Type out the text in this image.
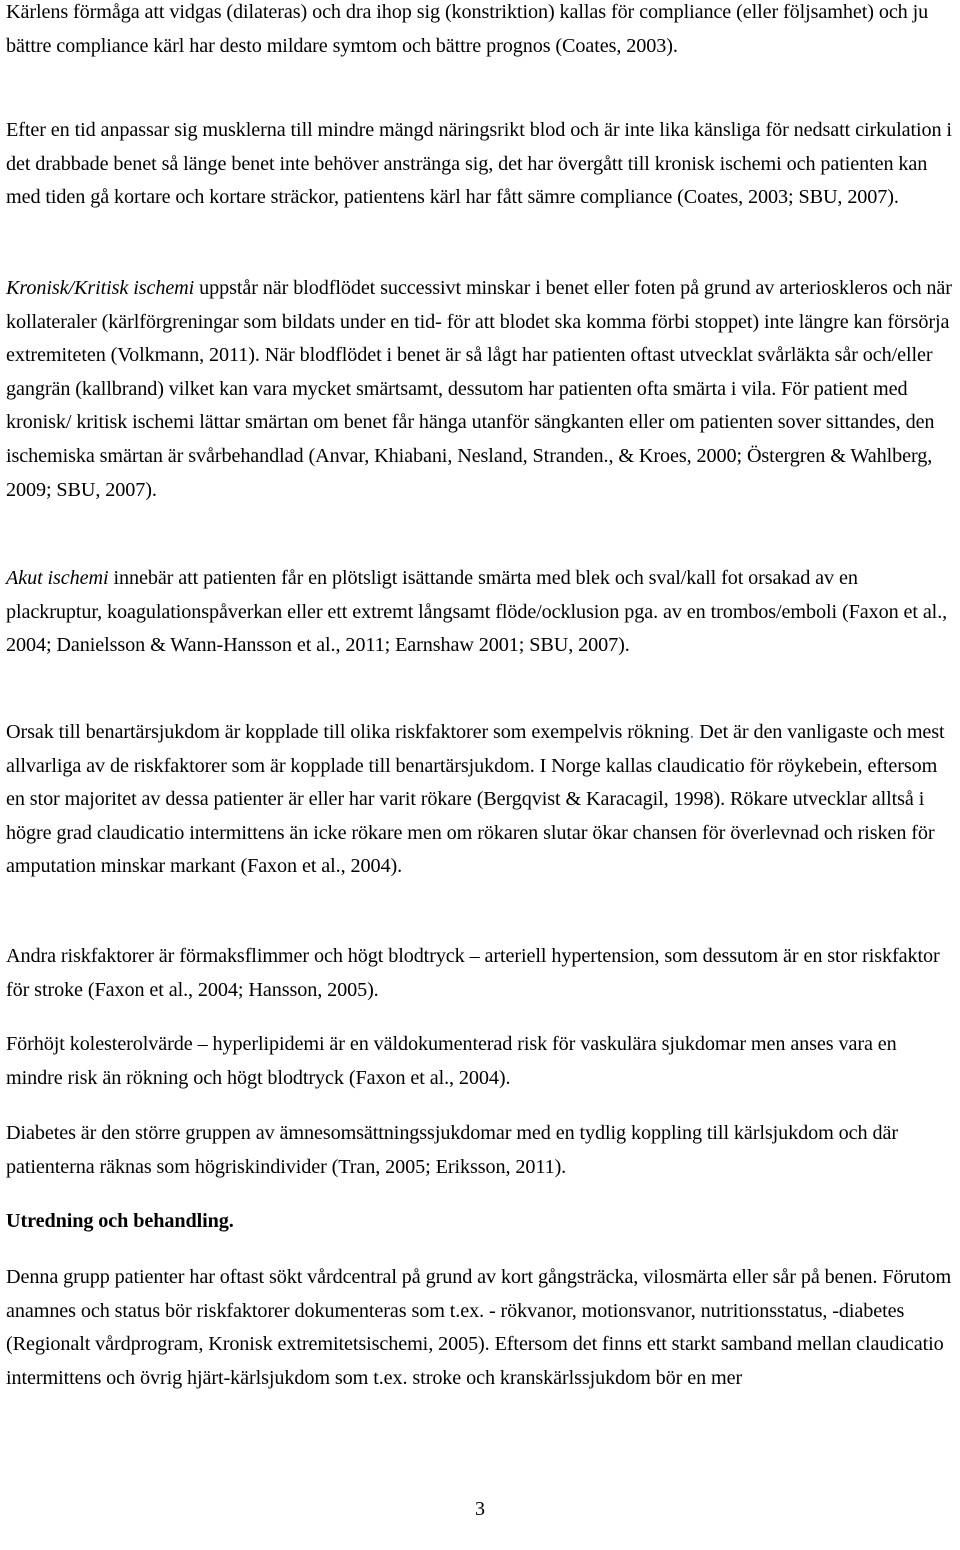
Kärlens förmåga att vidgas (dilateras) och dra ihop sig (konstriktion) kallas för compliance (eller följsamhet) och ju bättre compliance kärl har desto mildare symtom och bättre prognos (Coates, 2003).

Efter en tid anpassar sig musklerna till mindre mängd näringsrikt blod och är inte lika känsliga för nedsatt cirkulation i det drabbade benet så länge benet inte behöver anstränga sig, det har övergått till kronisk ischemi och patienten kan med tiden gå kortare och kortare sträckor, patientens kärl har fått sämre compliance (Coates, 2003; SBU, 2007).

Kronisk/Kritisk ischemi uppstår när blodflödet successivt minskar i benet eller foten på grund av arterioskleros och när kollateraler (kärlförgreningar som bildats under en tid- för att blodet ska komma förbi stoppet) inte längre kan försörja extremiteten (Volkmann, 2011). När blodflödet i benet är så lågt har patienten oftast utvecklat svårläkta sår och/eller gangrän (kallbrand) vilket kan vara mycket smärtsamt, dessutom har patienten ofta smärta i vila. För patient med kronisk/ kritisk ischemi lättar smärtan om benet får hänga utanför sängkanten eller om patienten sover sittandes, den ischemiska smärtan är svårbehandlad (Anvar, Khiabani, Nesland, Stranden., & Kroes, 2000; Östergren & Wahlberg, 2009; SBU, 2007).

Akut ischemi innebär att patienten får en plötsligt isättande smärta med blek och sval/kall fot orsakad av en plackruptur, koagulationspåverkan eller ett extremt långsamt flöde/ocklusion pga. av en trombos/emboli (Faxon et al., 2004; Danielsson & Wann-Hansson et al., 2011; Earnshaw 2001; SBU, 2007).

Orsak till benartärsjukdom är kopplade till olika riskfaktorer som exempelvis rökning. Det är den vanligaste och mest allvarliga av de riskfaktorer som är kopplade till benartärsjukdom. I Norge kallas claudicatio för röykebein, eftersom en stor majoritet av dessa patienter är eller har varit rökare (Bergqvist & Karacagil, 1998). Rökare utvecklar alltså i högre grad claudicatio intermittens än icke rökare men om rökaren slutar ökar chansen för överlevnad och risken för amputation minskar markant (Faxon et al., 2004).

Andra riskfaktorer är förmaksflimmer och högt blodtryck – arteriell hypertension, som dessutom är en stor riskfaktor för stroke (Faxon et al., 2004; Hansson, 2005).

Förhöjt kolesterolvärde – hyperlipidemi är en väldokumenterad risk för vaskulära sjukdomar men anses vara en mindre risk än rökning och högt blodtryck (Faxon et al., 2004).

Diabetes är den större gruppen av ämnesomsättningssjukdomar med en tydlig koppling till kärlsjukdom och där patienterna räknas som högriskindivider (Tran, 2005; Eriksson, 2011).

Utredning och behandling.

Denna grupp patienter har oftast sökt vårdcentral på grund av kort gångsträcka, vilosmärta eller sår på benen. Förutom anamnes och status bör riskfaktorer dokumenteras som t.ex. - rökvanor, motionsvanor, nutritionsstatus, -diabetes (Regionalt vårdprogram, Kronisk extremitetsischemi, 2005). Eftersom det finns ett starkt samband mellan claudicatio intermittens och övrig hjärt-kärlsjukdom som t.ex. stroke och kranskärlssjukdom bör en mer

3
